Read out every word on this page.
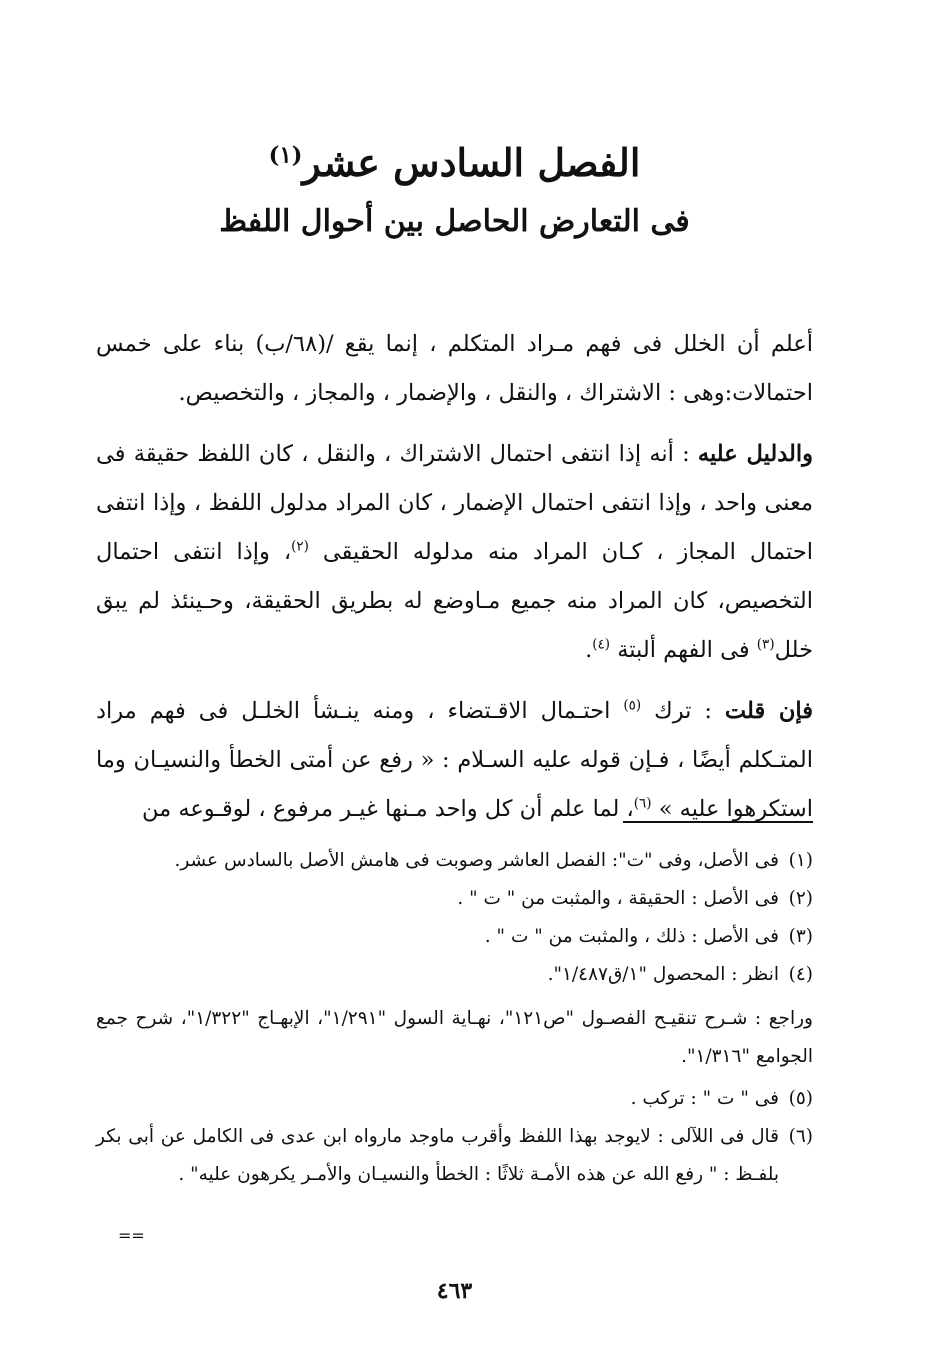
الفصل السادس عشر$^{(١)}$
فى التعارض الحاصل بين أحوال اللفظ

أعلم أن الخلل فى فهم مـراد المتكلم ، إنما يقع /(٦٨/ب) بناء على خمس احتمالات:وهى : الاشتراك ، والنقل ، والإضمار ، والمجاز ، والتخصيص.

والدليل عليه : أنه إذا انتفى احتمال الاشتراك ، والنقل ، كان اللفظ حقيقة فى معنى واحد ، وإذا انتفى احتمال الإضمار ، كان المراد مدلول اللفظ ، وإذا انتفى احتمال المجاز ، كـان المراد منه مدلوله الحقيقى $^{(٢)}$، وإذا انتفى احتمال التخصيص، كان المراد منه جميع مـاوضع له بطريق الحقيقة، وحـينئذ لم يبق خلل$^{(٣)}$ فى الفهم ألبتة $^{(٤)}$.

فإن قلت : ترك $^{(٥)}$ احتـمال الاقـتضاء ، ومنه ينـشأ الخلـل فى فهم مراد المتـكلم أيضًا ، فـإن قوله عليه السـلام : « رفع عن أمتى الخطأ والنسيـان وما استكرهوا عليه » $^{(٦)}$، لما علم أن كل واحد مـنها غيـر مرفوع ، لوقـوعه من

(١)
فى الأصل، وفى "ت": الفصل العاشر وصوبت فى هامش الأصل بالسادس عشر.
(٢)
فى الأصل : الحقيقة ، والمثبت من " ت " .
(٣)
فى الأصل : ذلك ، والمثبت من " ت " .
(٤)
انظر : المحصول "١/ق١/٤٨٧".
وراجع : شـرح تنقيـح الفصـول "ص١٢١"، نهـاية السول "١/٢٩١"، الإبهـاج "١/٣٢٢"، شرح جمع الجوامع "١/٣١٦".
(٥)
فى " ت " : تركب .
(٦)
قال فى اللآلى : لايوجد بهذا اللفظ وأقرب ماوجد مارواه ابن عدى فى الكامل عن أبى بكر بلفـظ : " رفع الله عن هذه الأمـة ثلاثًا : الخطأ والنسيـان والأمـر يكرهون عليه" .
==
٤٦٣
